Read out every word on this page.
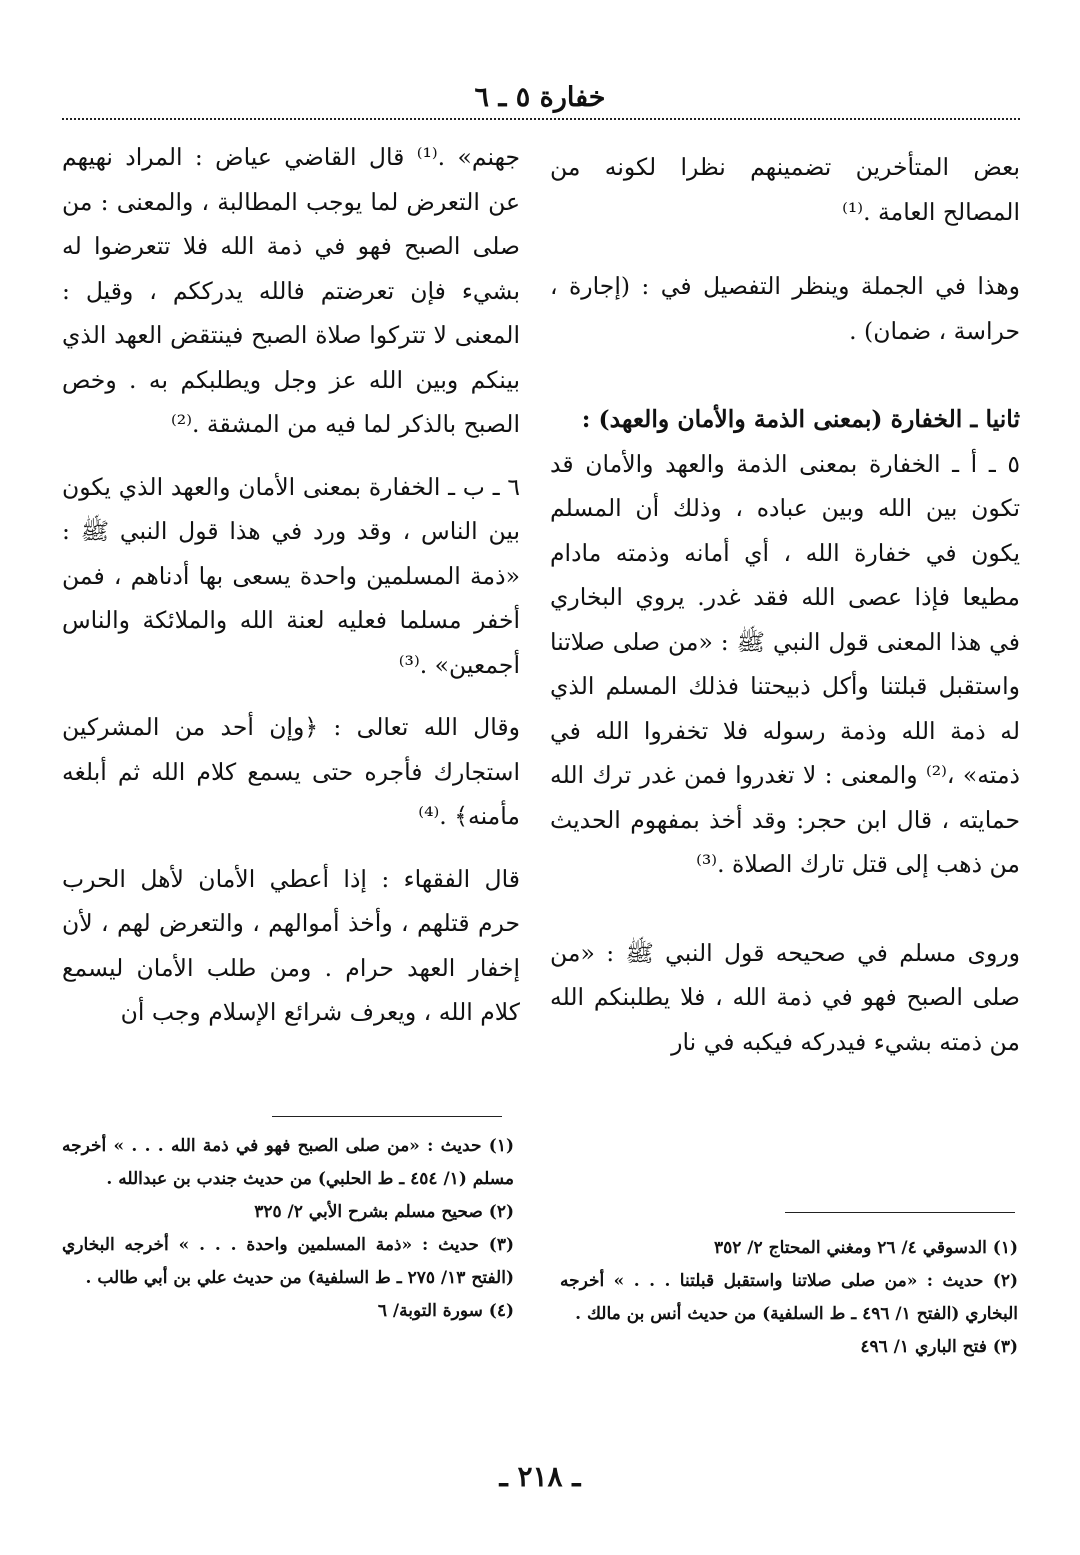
خفارة ٥ ـ ٦

بعض المتأخرين تضمينهم نظرا لكونه من المصالح العامة .⁽¹⁾

وهذا في الجملة وينظر التفصيل في : (إجارة ، حراسة ، ضمان) .

ثانيا ـ الخفارة (بمعنى الذمة والأمان والعهد) :

٥ ـ أ ـ الخفارة بمعنى الذمة والعهد والأمان قد تكون بين الله وبين عباده ، وذلك أن المسلم يكون في خفارة الله ، أي أمانه وذمته مادام مطيعا فإذا عصى الله فقد غدر. يروي البخاري في هذا المعنى قول النبي ﷺ : «من صلى صلاتنا واستقبل قبلتنا وأكل ذبيحتنا فذلك المسلم الذي له ذمة الله وذمة رسوله فلا تخفروا الله في ذمته» ،⁽²⁾ والمعنى : لا تغدروا فمن غدر ترك الله حمايته ، قال ابن حجر: وقد أخذ بمفهوم الحديث من ذهب إلى قتل تارك الصلاة .⁽³⁾

وروى مسلم في صحيحه قول النبي ﷺ : «من صلى الصبح فهو في ذمة الله ، فلا يطلبنكم الله من ذمته بشيء فيدركه فيكبه في نار

جهنم» .⁽¹⁾ قال القاضي عياض : المراد نهيهم عن التعرض لما يوجب المطالبة ، والمعنى : من صلى الصبح فهو في ذمة الله فلا تتعرضوا له بشيء فإن تعرضتم فالله يدرككم ، وقيل : المعنى لا تتركوا صلاة الصبح فينتقض العهد الذي بينكم وبين الله عز وجل ويطلبكم به . وخص الصبح بالذكر لما فيه من المشقة .⁽²⁾

٦ ـ ب ـ الخفارة بمعنى الأمان والعهد الذي يكون بين الناس ، وقد ورد في هذا قول النبي ﷺ : «ذمة المسلمين واحدة يسعى بها أدناهم ، فمن أخفر مسلما فعليه لعنة الله والملائكة والناس أجمعين» .⁽³⁾

وقال الله تعالى : ﴿وإن أحد من المشركين استجارك فأجره حتى يسمع كلام الله ثم أبلغه مأمنه﴾ .⁽⁴⁾

قال الفقهاء : إذا أعطي الأمان لأهل الحرب حرم قتلهم ، وأخذ أموالهم ، والتعرض لهم ، لأن إخفار العهد حرام . ومن طلب الأمان ليسمع كلام الله ، ويعرف شرائع الإسلام وجب أن

(١) حديث : «من صلى الصبح فهو في ذمة الله . . . » أخرجه مسلم (١/ ٤٥٤ ـ ط الحلبي) من حديث جندب بن عبدالله .

(٢) صحيح مسلم بشرح الأبي ٢/ ٣٢٥

(٣) حديث : «ذمة المسلمين واحدة . . . » أخرجه البخاري (الفتح ١٣/ ٢٧٥ ـ ط السلفية) من حديث علي بن أبي طالب .

(٤) سورة التوبة/ ٦

(١) الدسوقي ٤/ ٢٦ ومغني المحتاج ٢/ ٣٥٢

(٢) حديث : «من صلى صلاتنا واستقبل قبلتنا . . . » أخرجه البخاري (الفتح ١/ ٤٩٦ ـ ط السلفية) من حديث أنس بن مالك .

(٣) فتح الباري ١/ ٤٩٦

ـ ٢١٨ ـ
